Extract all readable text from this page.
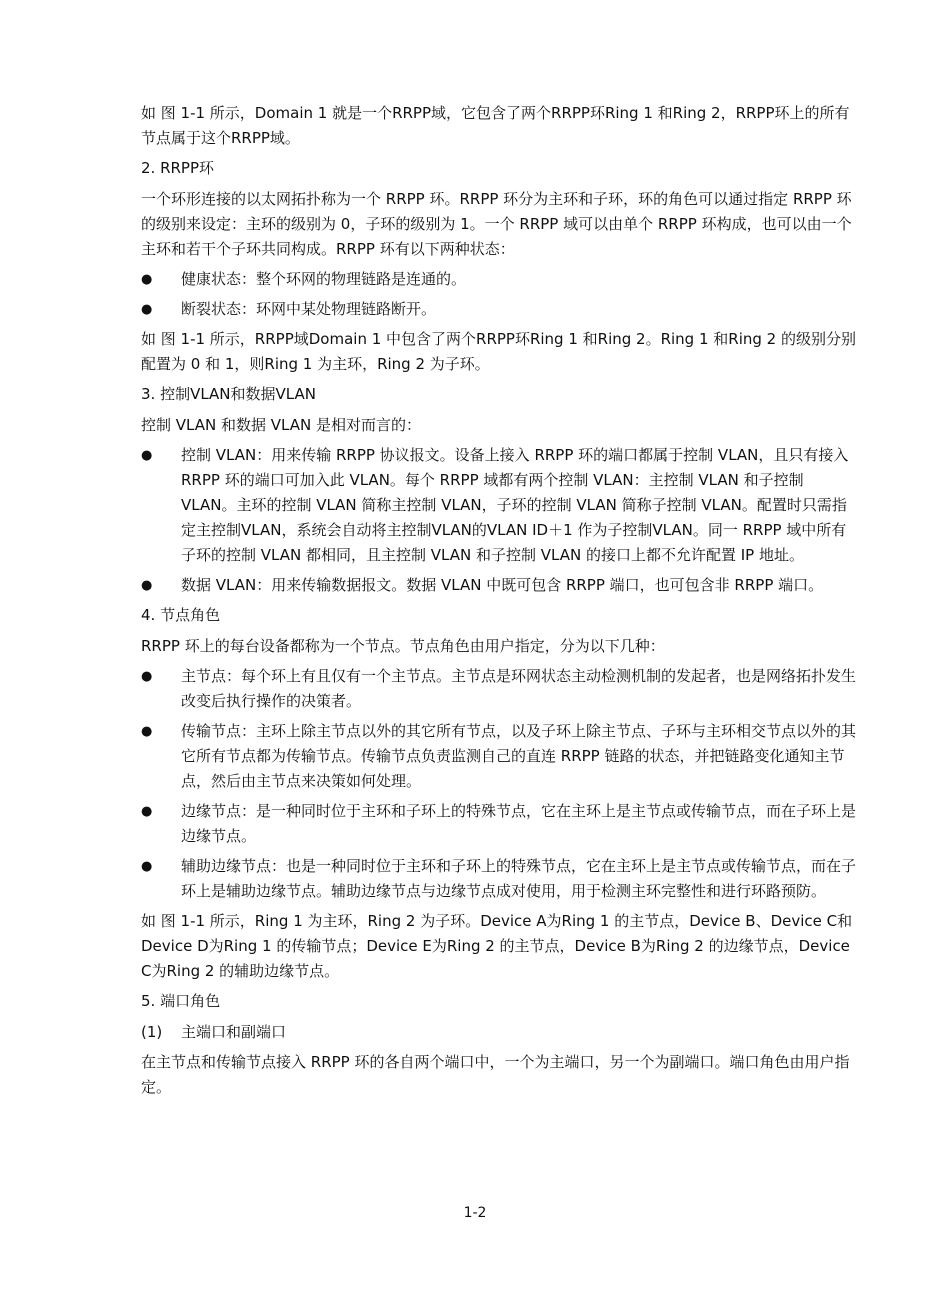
如 图 1-1 所示，Domain 1 就是一个RRPP域，它包含了两个RRPP环Ring 1 和Ring 2，RRPP环上的所有节点属于这个RRPP域。

2. RRPP环

一个环形连接的以太网拓扑称为一个 RRPP 环。RRPP 环分为主环和子环，环的角色可以通过指定 RRPP 环的级别来设定：主环的级别为 0，子环的级别为 1。一个 RRPP 域可以由单个 RRPP 环构成，也可以由一个主环和若干个子环共同构成。RRPP 环有以下两种状态：

● 健康状态：整个环网的物理链路是连通的。
● 断裂状态：环网中某处物理链路断开。

如 图 1-1 所示，RRPP域Domain 1 中包含了两个RRPP环Ring 1 和Ring 2。Ring 1 和Ring 2 的级别分别配置为 0 和 1，则Ring 1 为主环，Ring 2 为子环。

3. 控制VLAN和数据VLAN

控制 VLAN 和数据 VLAN 是相对而言的：

● 控制 VLAN：用来传输 RRPP 协议报文。设备上接入 RRPP 环的端口都属于控制 VLAN，且只有接入 RRPP 环的端口可加入此 VLAN。每个 RRPP 域都有两个控制 VLAN：主控制 VLAN 和子控制 VLAN。主环的控制 VLAN 简称主控制 VLAN，子环的控制 VLAN 简称子控制 VLAN。配置时只需指定主控制VLAN，系统会自动将主控制VLAN的VLAN ID＋1 作为子控制VLAN。同一 RRPP 域中所有子环的控制 VLAN 都相同，且主控制 VLAN 和子控制 VLAN 的接口上都不允许配置 IP 地址。
● 数据 VLAN：用来传输数据报文。数据 VLAN 中既可包含 RRPP 端口，也可包含非 RRPP 端口。

4. 节点角色

RRPP 环上的每台设备都称为一个节点。节点角色由用户指定，分为以下几种：

● 主节点：每个环上有且仅有一个主节点。主节点是环网状态主动检测机制的发起者，也是网络拓扑发生改变后执行操作的决策者。
● 传输节点：主环上除主节点以外的其它所有节点，以及子环上除主节点、子环与主环相交节点以外的其它所有节点都为传输节点。传输节点负责监测自己的直连 RRPP 链路的状态，并把链路变化通知主节点，然后由主节点来决策如何处理。
● 边缘节点：是一种同时位于主环和子环上的特殊节点，它在主环上是主节点或传输节点，而在子环上是边缘节点。
● 辅助边缘节点：也是一种同时位于主环和子环上的特殊节点，它在主环上是主节点或传输节点，而在子环上是辅助边缘节点。辅助边缘节点与边缘节点成对使用，用于检测主环完整性和进行环路预防。

如 图 1-1 所示，Ring 1 为主环，Ring 2 为子环。Device A为Ring 1 的主节点，Device B、Device C和Device D为Ring 1 的传输节点；Device E为Ring 2 的主节点，Device B为Ring 2 的边缘节点，Device C为Ring 2 的辅助边缘节点。

5. 端口角色

(1) 主端口和副端口

在主节点和传输节点接入 RRPP 环的各自两个端口中，一个为主端口，另一个为副端口。端口角色由用户指定。

1-2
